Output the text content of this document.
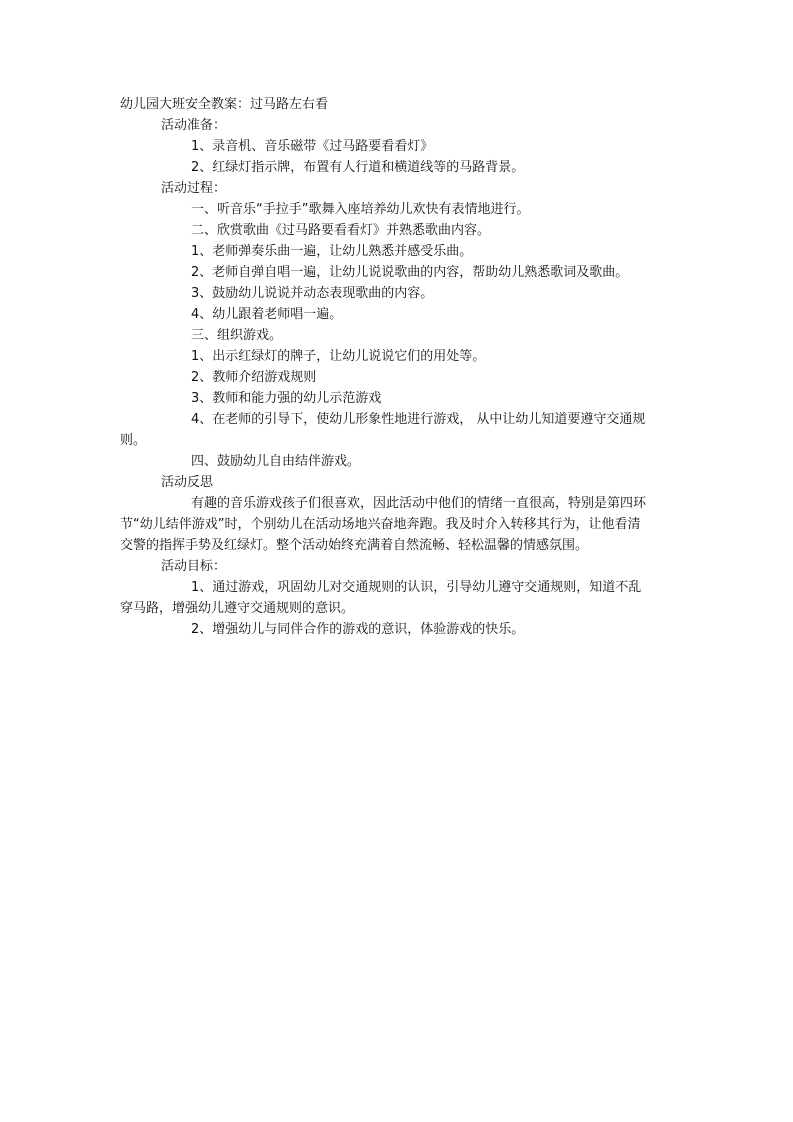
幼儿园大班安全教案：过马路左右看
活动准备：
1、录音机、音乐磁带《过马路要看看灯》
2、红绿灯指示牌，布置有人行道和横道线等的马路背景。
活动过程：
一、听音乐“手拉手”歌舞入座培养幼儿欢快有表情地进行。
二、欣赏歌曲《过马路要看看灯》并熟悉歌曲内容。
1、老师弹奏乐曲一遍，让幼儿熟悉并感受乐曲。
2、老师自弹自唱一遍，让幼儿说说歌曲的内容，帮助幼儿熟悉歌词及歌曲。
3、鼓励幼儿说说并动态表现歌曲的内容。
4、幼儿跟着老师唱一遍。
三、组织游戏。
1、出示红绿灯的牌子，让幼儿说说它们的用处等。
2、教师介绍游戏规则
3、教师和能力强的幼儿示范游戏
4、在老师的引导下，使幼儿形象性地进行游戏， 从中让幼儿知道要遵守交通规
则。
四、鼓励幼儿自由结伴游戏。
活动反思
有趣的音乐游戏孩子们很喜欢，因此活动中他们的情绪一直很高，特别是第四环
节“幼儿结伴游戏”时，个别幼儿在活动场地兴奋地奔跑。我及时介入转移其行为，让他看清
交警的指挥手势及红绿灯。整个活动始终充满着自然流畅、轻松温馨的情感氛围。
活动目标：
1、通过游戏，巩固幼儿对交通规则的认识，引导幼儿遵守交通规则，知道不乱
穿马路，增强幼儿遵守交通规则的意识。
2、增强幼儿与同伴合作的游戏的意识，体验游戏的快乐。
